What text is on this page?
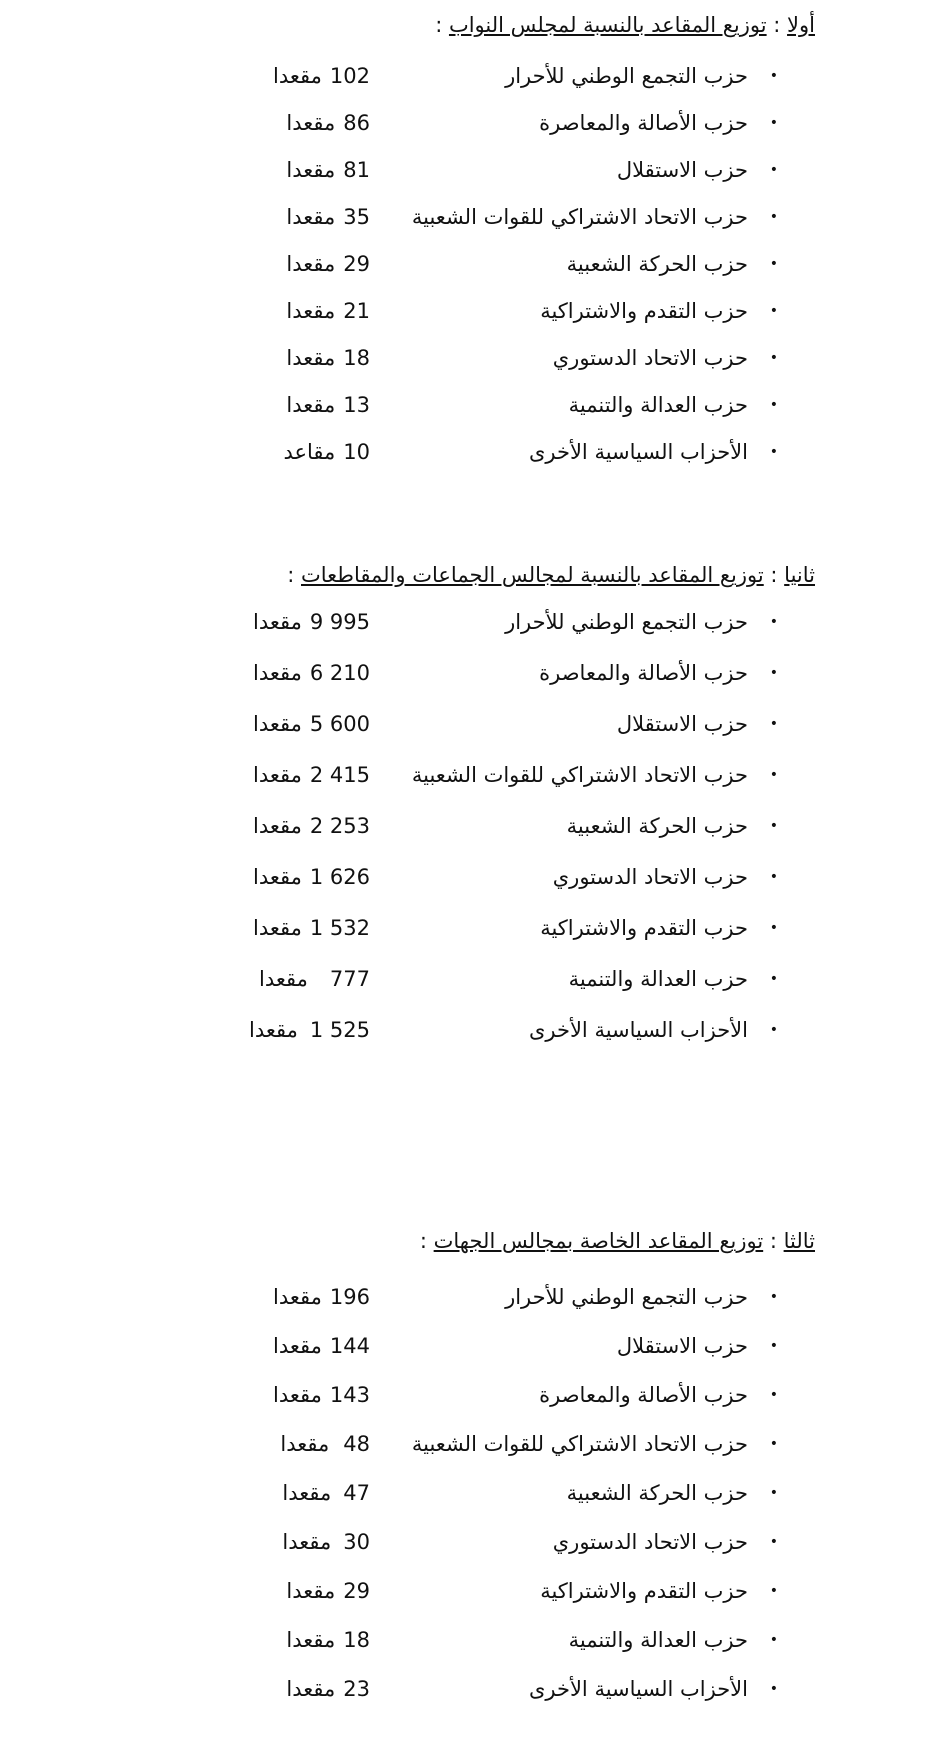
أولا : توزيع المقاعد بالنسبة لمجلس النواب :
•
حزب التجمع الوطني للأحرار
102مقعدا
•
حزب الأصالة والمعاصرة
86مقعدا
•
حزب الاستقلال
81مقعدا
•
حزب الاتحاد الاشتراكي للقوات الشعبية
35مقعدا
•
حزب الحركة الشعبية
29مقعدا
•
حزب التقدم والاشتراكية
21مقعدا
•
حزب الاتحاد الدستوري
18مقعدا
•
حزب العدالة والتنمية
13مقعدا
•
الأحزاب السياسية الأخرى
10مقاعد
ثانيا : توزيع المقاعد بالنسبة لمجالس الجماعات والمقاطعات :
•
حزب التجمع الوطني للأحرار
9 995مقعدا
•
حزب الأصالة والمعاصرة
6 210مقعدا
•
حزب الاستقلال
5 600مقعدا
•
حزب الاتحاد الاشتراكي للقوات الشعبية
2 415مقعدا
•
حزب الحركة الشعبية
2 253مقعدا
•
حزب الاتحاد الدستوري
1 626مقعدا
•
حزب التقدم والاشتراكية
1 532مقعدا
•
حزب العدالة والتنمية
777مقعدا
•
الأحزاب السياسية الأخرى
1 525مقعدا
ثالثا : توزيع المقاعد الخاصة بمجالس الجهات :
•
حزب التجمع الوطني للأحرار
196مقعدا
•
حزب الاستقلال
144مقعدا
•
حزب الأصالة والمعاصرة
143مقعدا
•
حزب الاتحاد الاشتراكي للقوات الشعبية
48مقعدا
•
حزب الحركة الشعبية
47مقعدا
•
حزب الاتحاد الدستوري
30مقعدا
•
حزب التقدم والاشتراكية
29مقعدا
•
حزب العدالة والتنمية
18مقعدا
•
الأحزاب السياسية الأخرى
23مقعدا
